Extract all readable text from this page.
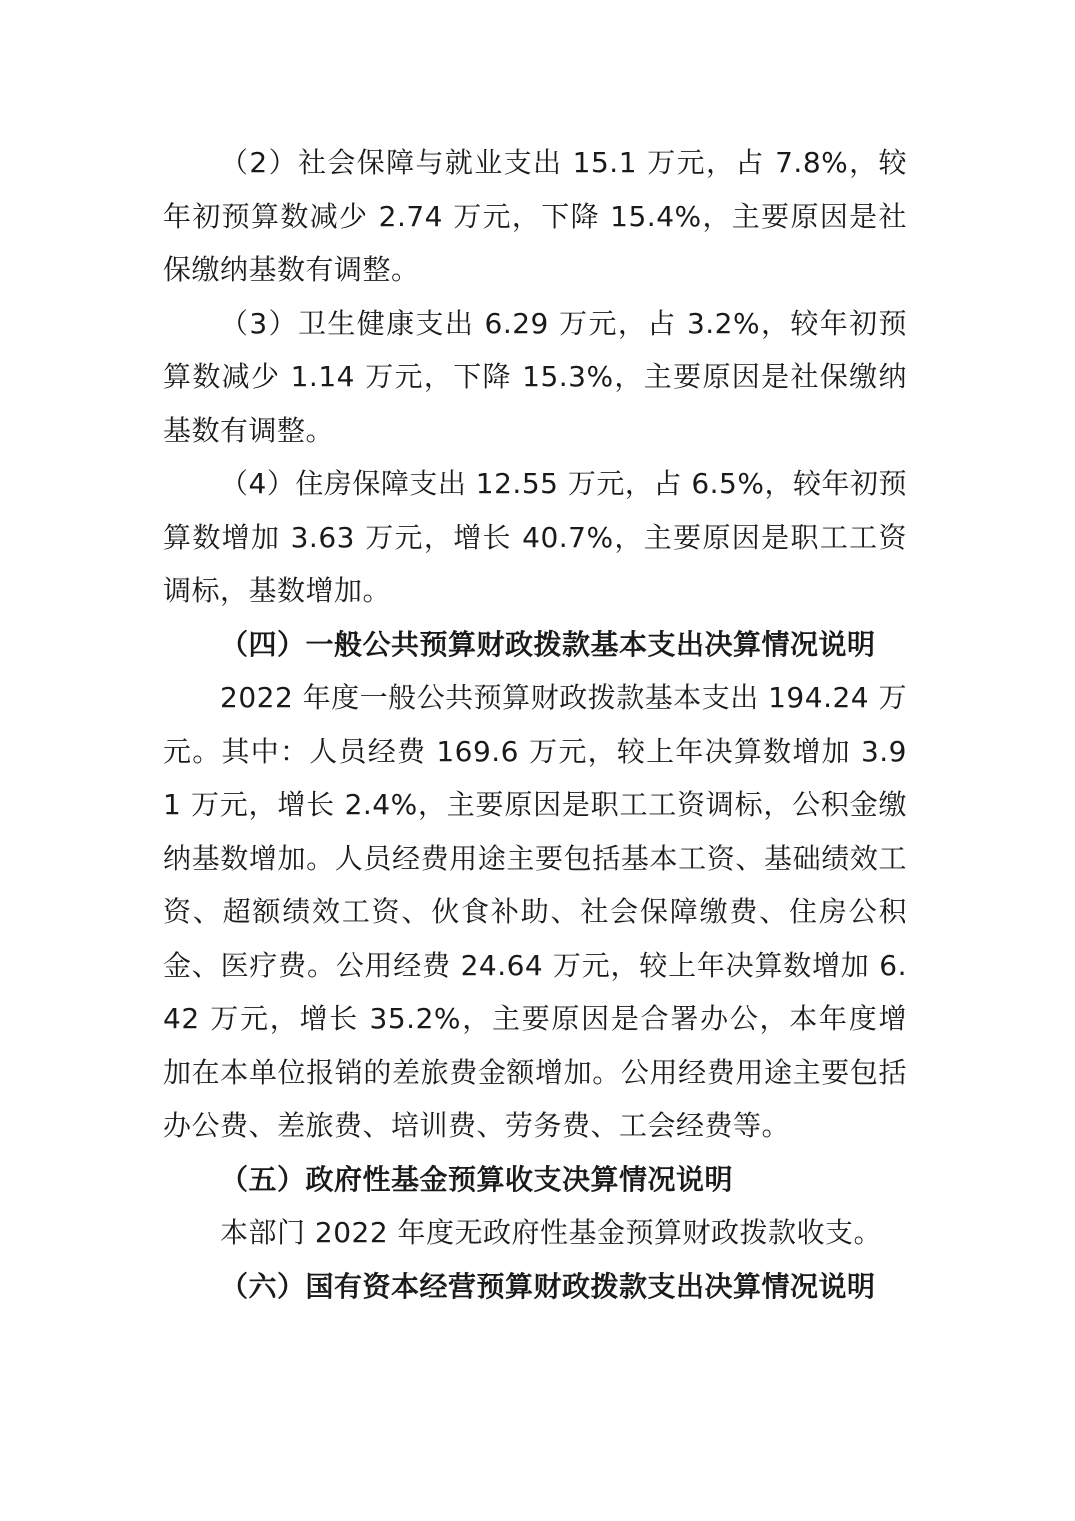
（2）社会保障与就业支出 15.1 万元，占 7.8%，较年初预算数减少 2.74 万元，下降 15.4%，主要原因是社保缴纳基数有调整。

（3）卫生健康支出 6.29 万元，占 3.2%，较年初预算数减少 1.14 万元，下降 15.3%，主要原因是社保缴纳基数有调整。

（4）住房保障支出 12.55 万元，占 6.5%，较年初预算数增加 3.63 万元，增长 40.7%，主要原因是职工工资调标，基数增加。

（四）一般公共预算财政拨款基本支出决算情况说明

2022 年度一般公共预算财政拨款基本支出 194.24 万元。其中：人员经费 169.6 万元，较上年决算数增加 3.91 万元，增长 2.4%，主要原因是职工工资调标，公积金缴纳基数增加。人员经费用途主要包括基本工资、基础绩效工资、超额绩效工资、伙食补助、社会保障缴费、住房公积金、医疗费。公用经费 24.64 万元，较上年决算数增加 6.42 万元，增长 35.2%，主要原因是合署办公，本年度增加在本单位报销的差旅费金额增加。公用经费用途主要包括办公费、差旅费、培训费、劳务费、工会经费等。

（五）政府性基金预算收支决算情况说明

本部门 2022 年度无政府性基金预算财政拨款收支。

（六）国有资本经营预算财政拨款支出决算情况说明
